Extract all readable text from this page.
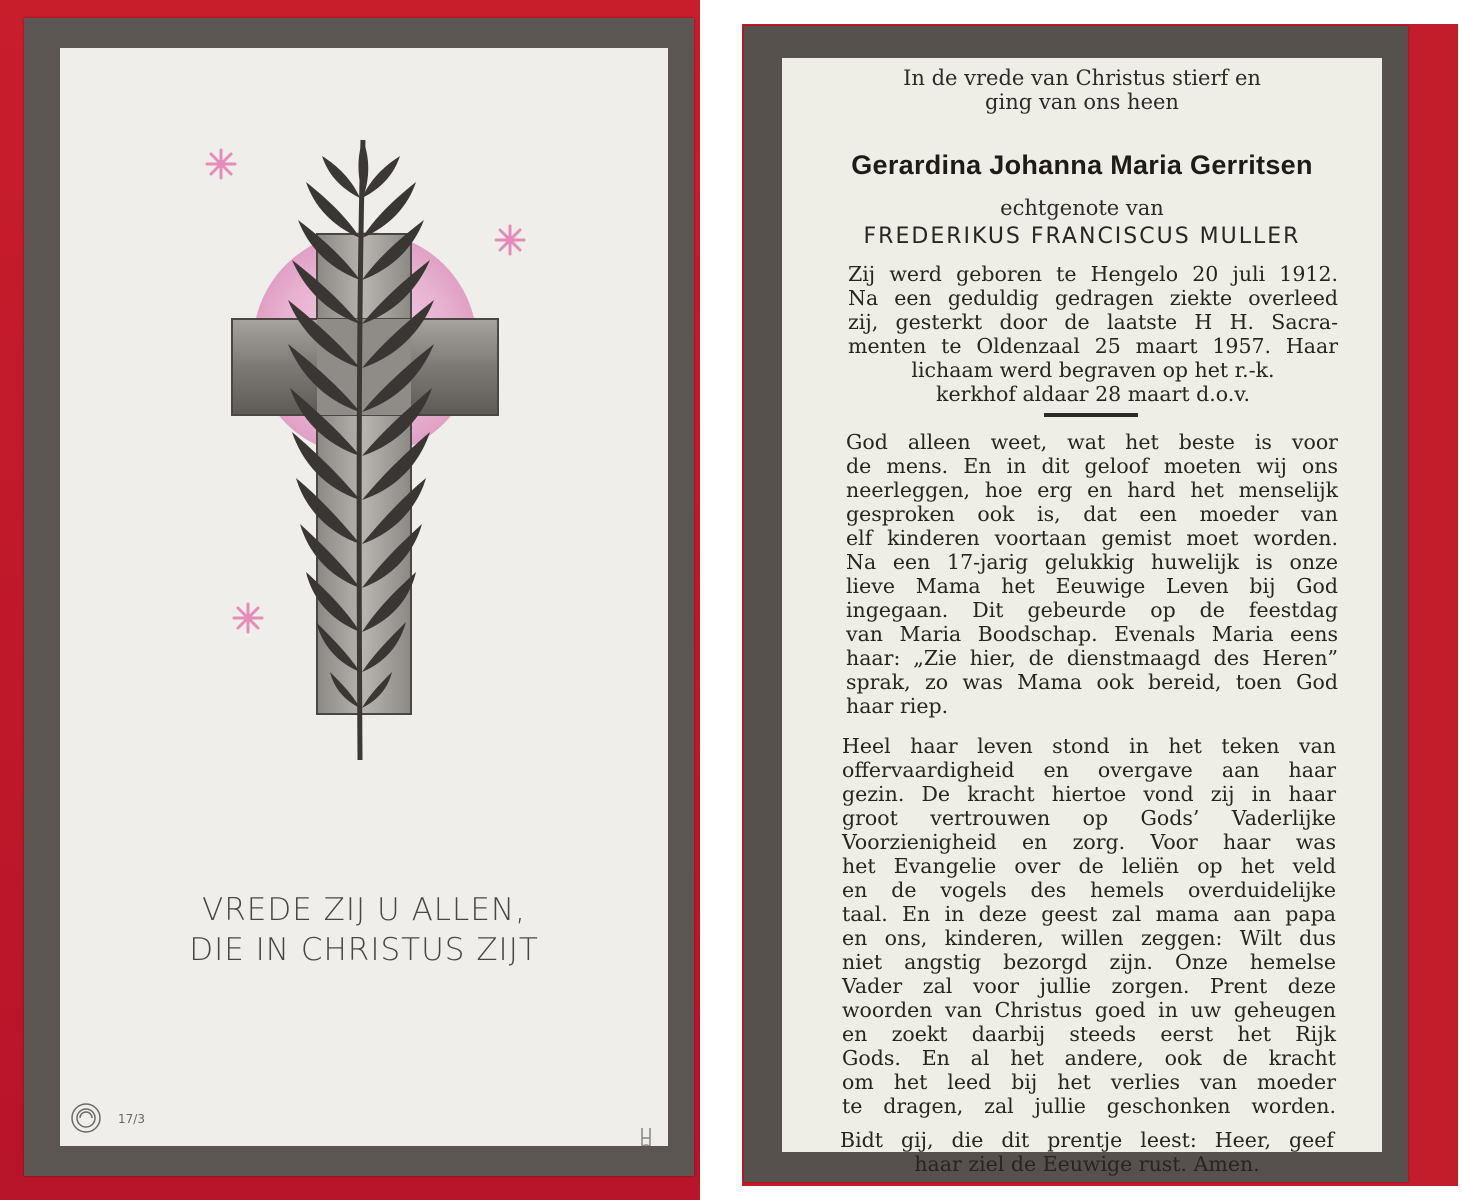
VREDE ZIJ U ALLEN,
DIE IN CHRISTUS ZIJT
17/3
In de vrede van Christus stierf en
ging van ons heen
Gerardina Johanna Maria Gerritsen
echtgenote van
FREDERIKUS FRANCISCUS MULLER
Zij werd geboren te Hengelo 20 juli 1912.
Na een geduldig gedragen ziekte overleed
zij, gesterkt door de laatste H H. Sacra-
menten te Oldenzaal 25 maart 1957. Haar
lichaam werd begraven op het r.-k.
kerkhof aldaar 28 maart d.o.v.
God alleen weet, wat het beste is voor
de mens. En in dit geloof moeten wij ons
neerleggen, hoe erg en hard het menselijk
gesproken ook is, dat een moeder van
elf kinderen voortaan gemist moet worden.
Na een 17-jarig gelukkig huwelijk is onze
lieve Mama het Eeuwige Leven bij God
ingegaan. Dit gebeurde op de feestdag
van Maria Boodschap. Evenals Maria eens
haar: „Zie hier, de dienstmaagd des Heren”
sprak, zo was Mama ook bereid, toen God
haar riep.
Heel haar leven stond in het teken van
offervaardigheid en overgave aan haar
gezin. De kracht hiertoe vond zij in haar
groot vertrouwen op Gods’ Vaderlijke
Voorzienigheid en zorg. Voor haar was
het Evangelie over de leliën op het veld
en de vogels des hemels overduidelijke
taal. En in deze geest zal mama aan papa
en ons, kinderen, willen zeggen: Wilt dus
niet angstig bezorgd zijn. Onze hemelse
Vader zal voor jullie zorgen. Prent deze
woorden van Christus goed in uw geheugen
en zoekt daarbij steeds eerst het Rijk
Gods. En al het andere, ook de kracht
om het leed bij het verlies van moeder
te dragen, zal jullie geschonken worden.
Bidt gij, die dit prentje leest: Heer, geef
haar ziel de Eeuwige rust. Amen.
